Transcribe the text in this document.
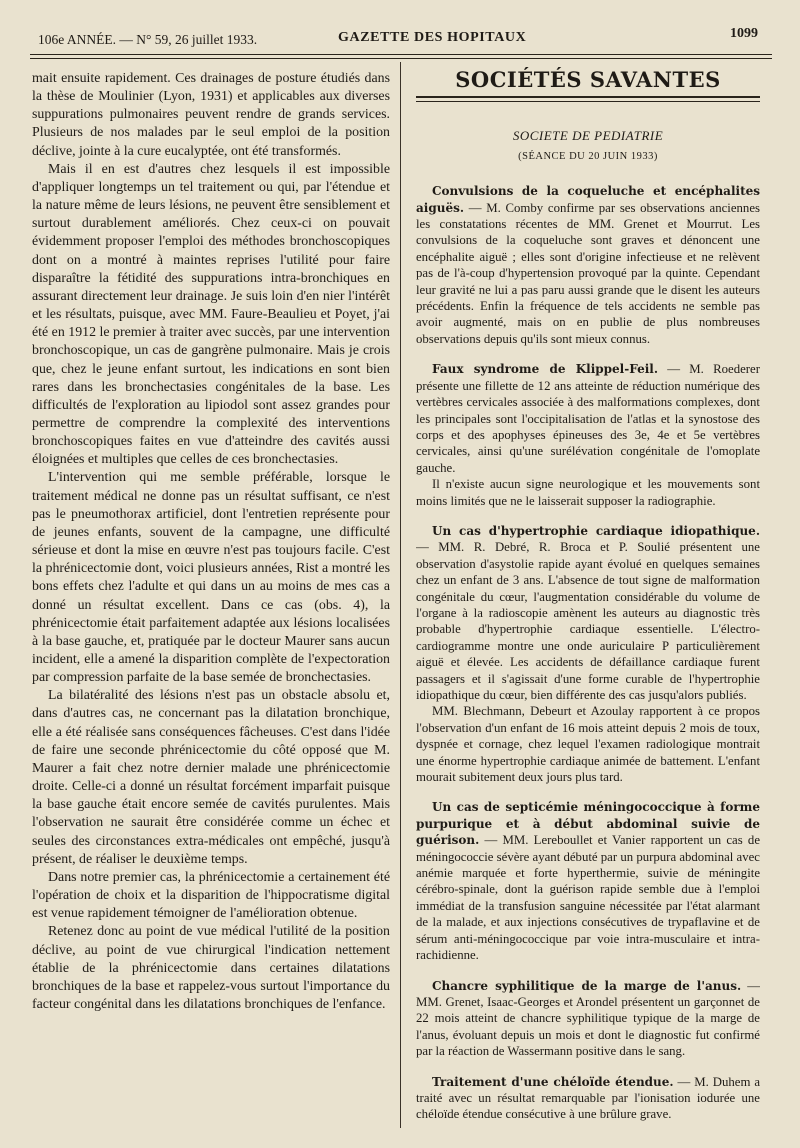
106e ANNÉE. — N° 59, 26 juillet 1933.	GAZETTE DES HOPITAUX	1099

mait ensuite rapidement. Ces drainages de posture étudiés dans la thèse de Moulinier (Lyon, 1931) et applicables aux diverses suppurations pulmonaires peuvent rendre de grands services. Plusieurs de nos malades par le seul emploi de la position déclive, jointe à la cure eucalyptée, ont été transformés.

Mais il en est d'autres chez lesquels il est impossible d'appliquer longtemps un tel traitement ou qui, par l'étendue et la nature même de leurs lésions, ne peuvent être sensiblement et surtout durablement améliorés. Chez ceux-ci on pouvait évidemment proposer l'emploi des méthodes bronchoscopiques dont on a montré à maintes reprises l'utilité pour faire disparaître la fétidité des suppurations intra-bronchiques en assurant directement leur drainage. Je suis loin d'en nier l'intérêt et les résultats, puisque, avec MM. Faure-Beaulieu et Poyet, j'ai été en 1912 le premier à traiter avec succès, par une intervention bronchoscopique, un cas de gangrène pulmonaire. Mais je crois que, chez le jeune enfant surtout, les indications en sont bien rares dans les bronchectasies congénitales de la base. Les difficultés de l'exploration au lipiodol sont assez grandes pour permettre de comprendre la complexité des interventions bronchoscopiques faites en vue d'atteindre des cavités aussi éloignées et multiples que celles de ces bronchectasies.

L'intervention qui me semble préférable, lorsque le traitement médical ne donne pas un résultat suffisant, ce n'est pas le pneumothorax artificiel, dont l'entretien représente pour de jeunes enfants, souvent de la campagne, une difficulté sérieuse et dont la mise en œuvre n'est pas toujours facile. C'est la phrénicectomie dont, voici plusieurs années, Rist a montré les bons effets chez l'adulte et qui dans un au moins de mes cas a donné un résultat excellent. Dans ce cas (obs. 4), la phrénicectomie était parfaitement adaptée aux lésions localisées à la base gauche, et, pratiquée par le docteur Maurer sans aucun incident, elle a amené la disparition complète de l'expectoration par compression parfaite de la base semée de bronchectasies.

La bilatéralité des lésions n'est pas un obstacle absolu et, dans d'autres cas, ne concernant pas la dilatation bronchique, elle a été réalisée sans conséquences fâcheuses. C'est dans l'idée de faire une seconde phrénicectomie du côté opposé que M. Maurer a fait chez notre dernier malade une phrénicectomie droite. Celle-ci a donné un résultat forcément imparfait puisque la base gauche était encore semée de cavités purulentes. Mais l'observation ne saurait être considérée comme un échec et seules des circonstances extra-médicales ont empêché, jusqu'à présent, de réaliser le deuxième temps.

Dans notre premier cas, la phrénicectomie a certainement été l'opération de choix et la disparition de l'hippocratisme digital est venue rapidement témoigner de l'amélioration obtenue.

Retenez donc au point de vue médical l'utilité de la position déclive, au point de vue chirurgical l'indication nettement établie de la phrénicectomie dans certaines dilatations bronchiques de la base et rappelez-vous surtout l'importance du facteur congénital dans les dilatations bronchiques de l'enfance.

SOCIÉTÉS SAVANTES
SOCIETE DE PEDIATRIE
(SÉANCE DU 20 JUIN 1933)

Convulsions de la coqueluche et encéphalites aiguës. — M. Comby confirme par ses observations anciennes les constatations récentes de MM. Grenet et Mourrut. Les convulsions de la coqueluche sont graves et dénoncent une encéphalite aiguë ; elles sont d'origine infectieuse et ne relèvent pas de l'à-coup d'hypertension provoqué par la quinte. Cependant leur gravité ne lui a pas paru aussi grande que le disent les auteurs précédents. Enfin la fréquence de tels accidents ne semble pas avoir augmenté, mais on en publie de plus nombreuses observations depuis qu'ils sont mieux connus.

Faux syndrome de Klippel-Feil. — M. Roederer présente une fillette de 12 ans atteinte de réduction numérique des vertèbres cervicales associée à des malformations complexes, dont les principales sont l'occipitalisation de l'atlas et la synostose des corps et des apophyses épineuses des 3e, 4e et 5e vertèbres cervicales, ainsi qu'une surélévation congénitale de l'omoplate gauche.

Il n'existe aucun signe neurologique et les mouvements sont moins limités que ne le laisserait supposer la radiographie.

Un cas d'hypertrophie cardiaque idiopathique. — MM. R. Debré, R. Broca et P. Soulié présentent une observation d'asystolie rapide ayant évolué en quelques semaines chez un enfant de 3 ans. L'absence de tout signe de malformation congénitale du cœur, l'augmentation considérable du volume de l'organe à la radioscopie amènent les auteurs au diagnostic très probable d'hypertrophie cardiaque essentielle. L'électro-cardiogramme montre une onde auriculaire P particulièrement aiguë et élevée. Les accidents de défaillance cardiaque furent passagers et il s'agissait d'une forme curable de l'hypertrophie idiopathique du cœur, bien différente des cas jusqu'alors publiés.

MM. Blechmann, Debeurt et Azoulay rapportent à ce propos l'observation d'un enfant de 16 mois atteint depuis 2 mois de toux, dyspnée et cornage, chez lequel l'examen radiologique montrait une énorme hypertrophie cardiaque animée de battement. L'enfant mourait subitement deux jours plus tard.

Un cas de septicémie méningococcique à forme purpurique et à début abdominal suivie de guérison. — MM. Lereboullet et Vanier rapportent un cas de méningococcie sévère ayant débuté par un purpura abdominal avec anémie marquée et forte hyperthermie, suivie de méningite cérébro-spinale, dont la guérison rapide semble due à l'emploi immédiat de la transfusion sanguine nécessitée par l'état alarmant de la malade, et aux injections consécutives de trypaflavine et de sérum anti-méningococcique par voie intra-musculaire et intra-rachidienne.

Chancre syphilitique de la marge de l'anus. — MM. Grenet, Isaac-Georges et Arondel présentent un garçonnet de 22 mois atteint de chancre syphilitique typique de la marge de l'anus, évoluant depuis un mois et dont le diagnostic fut confirmé par la réaction de Wassermann positive dans le sang.

Traitement d'une chéloïde étendue. — M. Duhem a traité avec un résultat remarquable par l'ionisation iodurée une chéloïde étendue consécutive à une brûlure grave.
